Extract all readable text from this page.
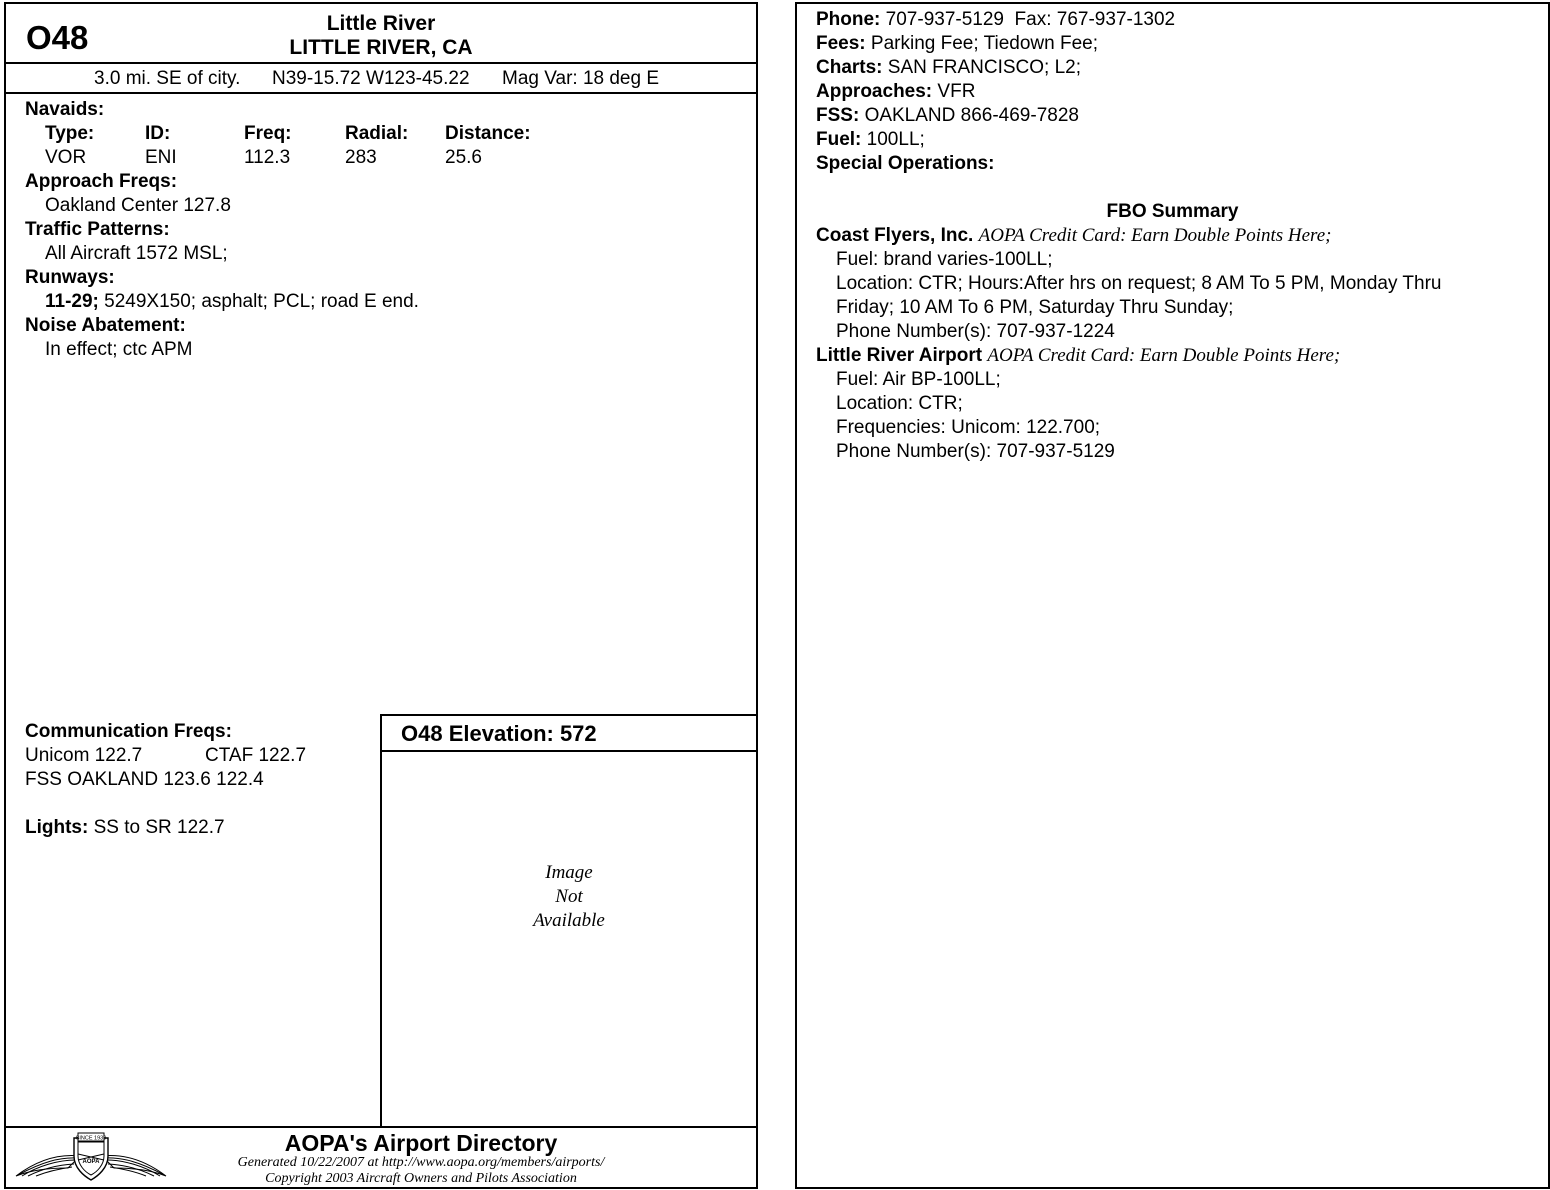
O48	Little River
LITTLE RIVER, CA
3.0 mi. SE of city. N39-15.72 W123-45.22 Mag Var: 18 deg E
Navaids:
Type:	ID:	Freq:	Radial: Distance:
VOR	ENI	112.3	283	25.6
Approach Freqs:
Oakland Center 127.8
Traffic Patterns:
All Aircraft 1572 MSL;
Runways:
11-29; 5249X150; asphalt; PCL; road E end.
Noise Abatement:
In effect; ctc APM
O48 Elevation: 572
Image
Not
Available
Communication Freqs:
Unicom 122.7	CTAF 122.7
FSS OAKLAND 123.6 122.4
Lights: SS to SR 122.7
SINCE 1939
AOPA
AOPA's Airport Directory
Generated 10/22/2007 at http://www.aopa.org/members/airports/
Copyright 2003 Aircraft Owners and Pilots Association
Phone: 707-937-5129  Fax: 767-937-1302
Fees: Parking Fee; Tiedown Fee;
Charts: SAN FRANCISCO; L2;
Approaches: VFR
FSS: OAKLAND 866-469-7828
Fuel: 100LL;
Special Operations:
FBO Summary
Coast Flyers, Inc. AOPA Credit Card: Earn Double Points Here;
Fuel: brand varies-100LL;
Location: CTR; Hours:After hrs on request; 8 AM To 5 PM, Monday Thru
Friday; 10 AM To 6 PM, Saturday Thru Sunday;
Phone Number(s): 707-937-1224
Little River Airport AOPA Credit Card: Earn Double Points Here;
Fuel: Air BP-100LL;
Location: CTR;
Frequencies: Unicom: 122.700;
Phone Number(s): 707-937-5129
